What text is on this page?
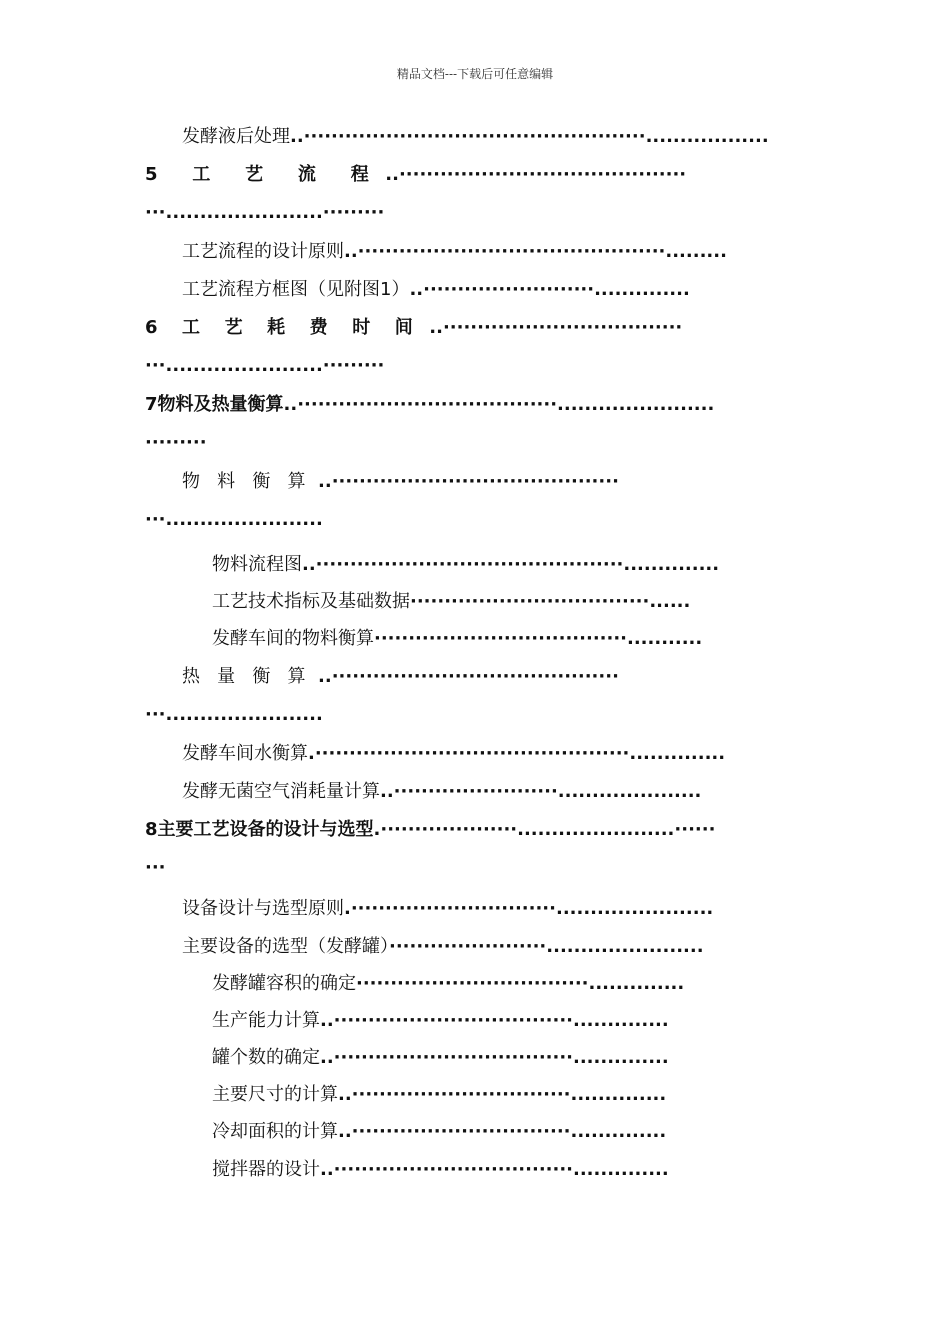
精品文档---下载后可任意编辑
发酵液后处理..··················································..................
5   工   艺   流   程  ..··········································
···.......................·········
工艺流程的设计原则..·············································.........
工艺流程方框图（见附图1）..·························..............
6  工  艺  耗  费  时  间  ..···································
···.......................·········
7物料及热量衡算..······································.......................
·········
物   料   衡   算  ..··········································
···.......................
物料流程图..·············································..............
工艺技术指标及基础数据···································......
发酵车间的物料衡算·····································...........
热   量   衡   算  ..··········································
···.......................
发酵车间水衡算.··············································..............
发酵无菌空气消耗量计算..························.....................
8主要工艺设备的设计与选型.····················.......................······
···
设备设计与选型原则.······························.......................
主要设备的选型（发酵罐）·······················.......................
发酵罐容积的确定··································..............
生产能力计算..···································..............
罐个数的确定..···································..............
主要尺寸的计算..································..............
冷却面积的计算..································..............
搅拌器的设计..···································..............
